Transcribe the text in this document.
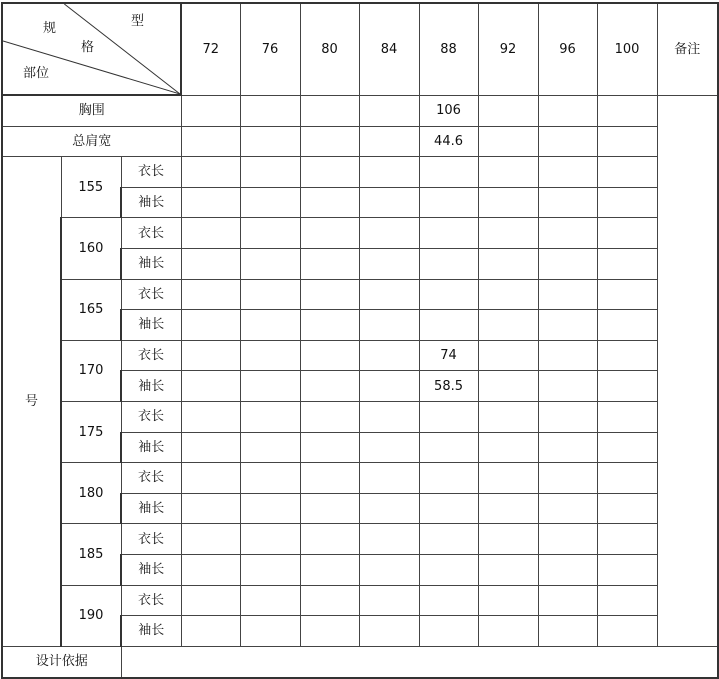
型
规
格
部位			72	76	80	84	88	92	96	100	备注
胸围							106				
总肩宽							44.6				
号	155	衣长									
		袖长									
	160	衣长									
		袖长									
	165	衣长									
		袖长									
	170	衣长					74				
		袖长					58.5				
	175	衣长									
		袖长									
	180	衣长									
		袖长									
	185	衣长									
		袖长									
	190	衣长									
		袖长									
设计依据											
